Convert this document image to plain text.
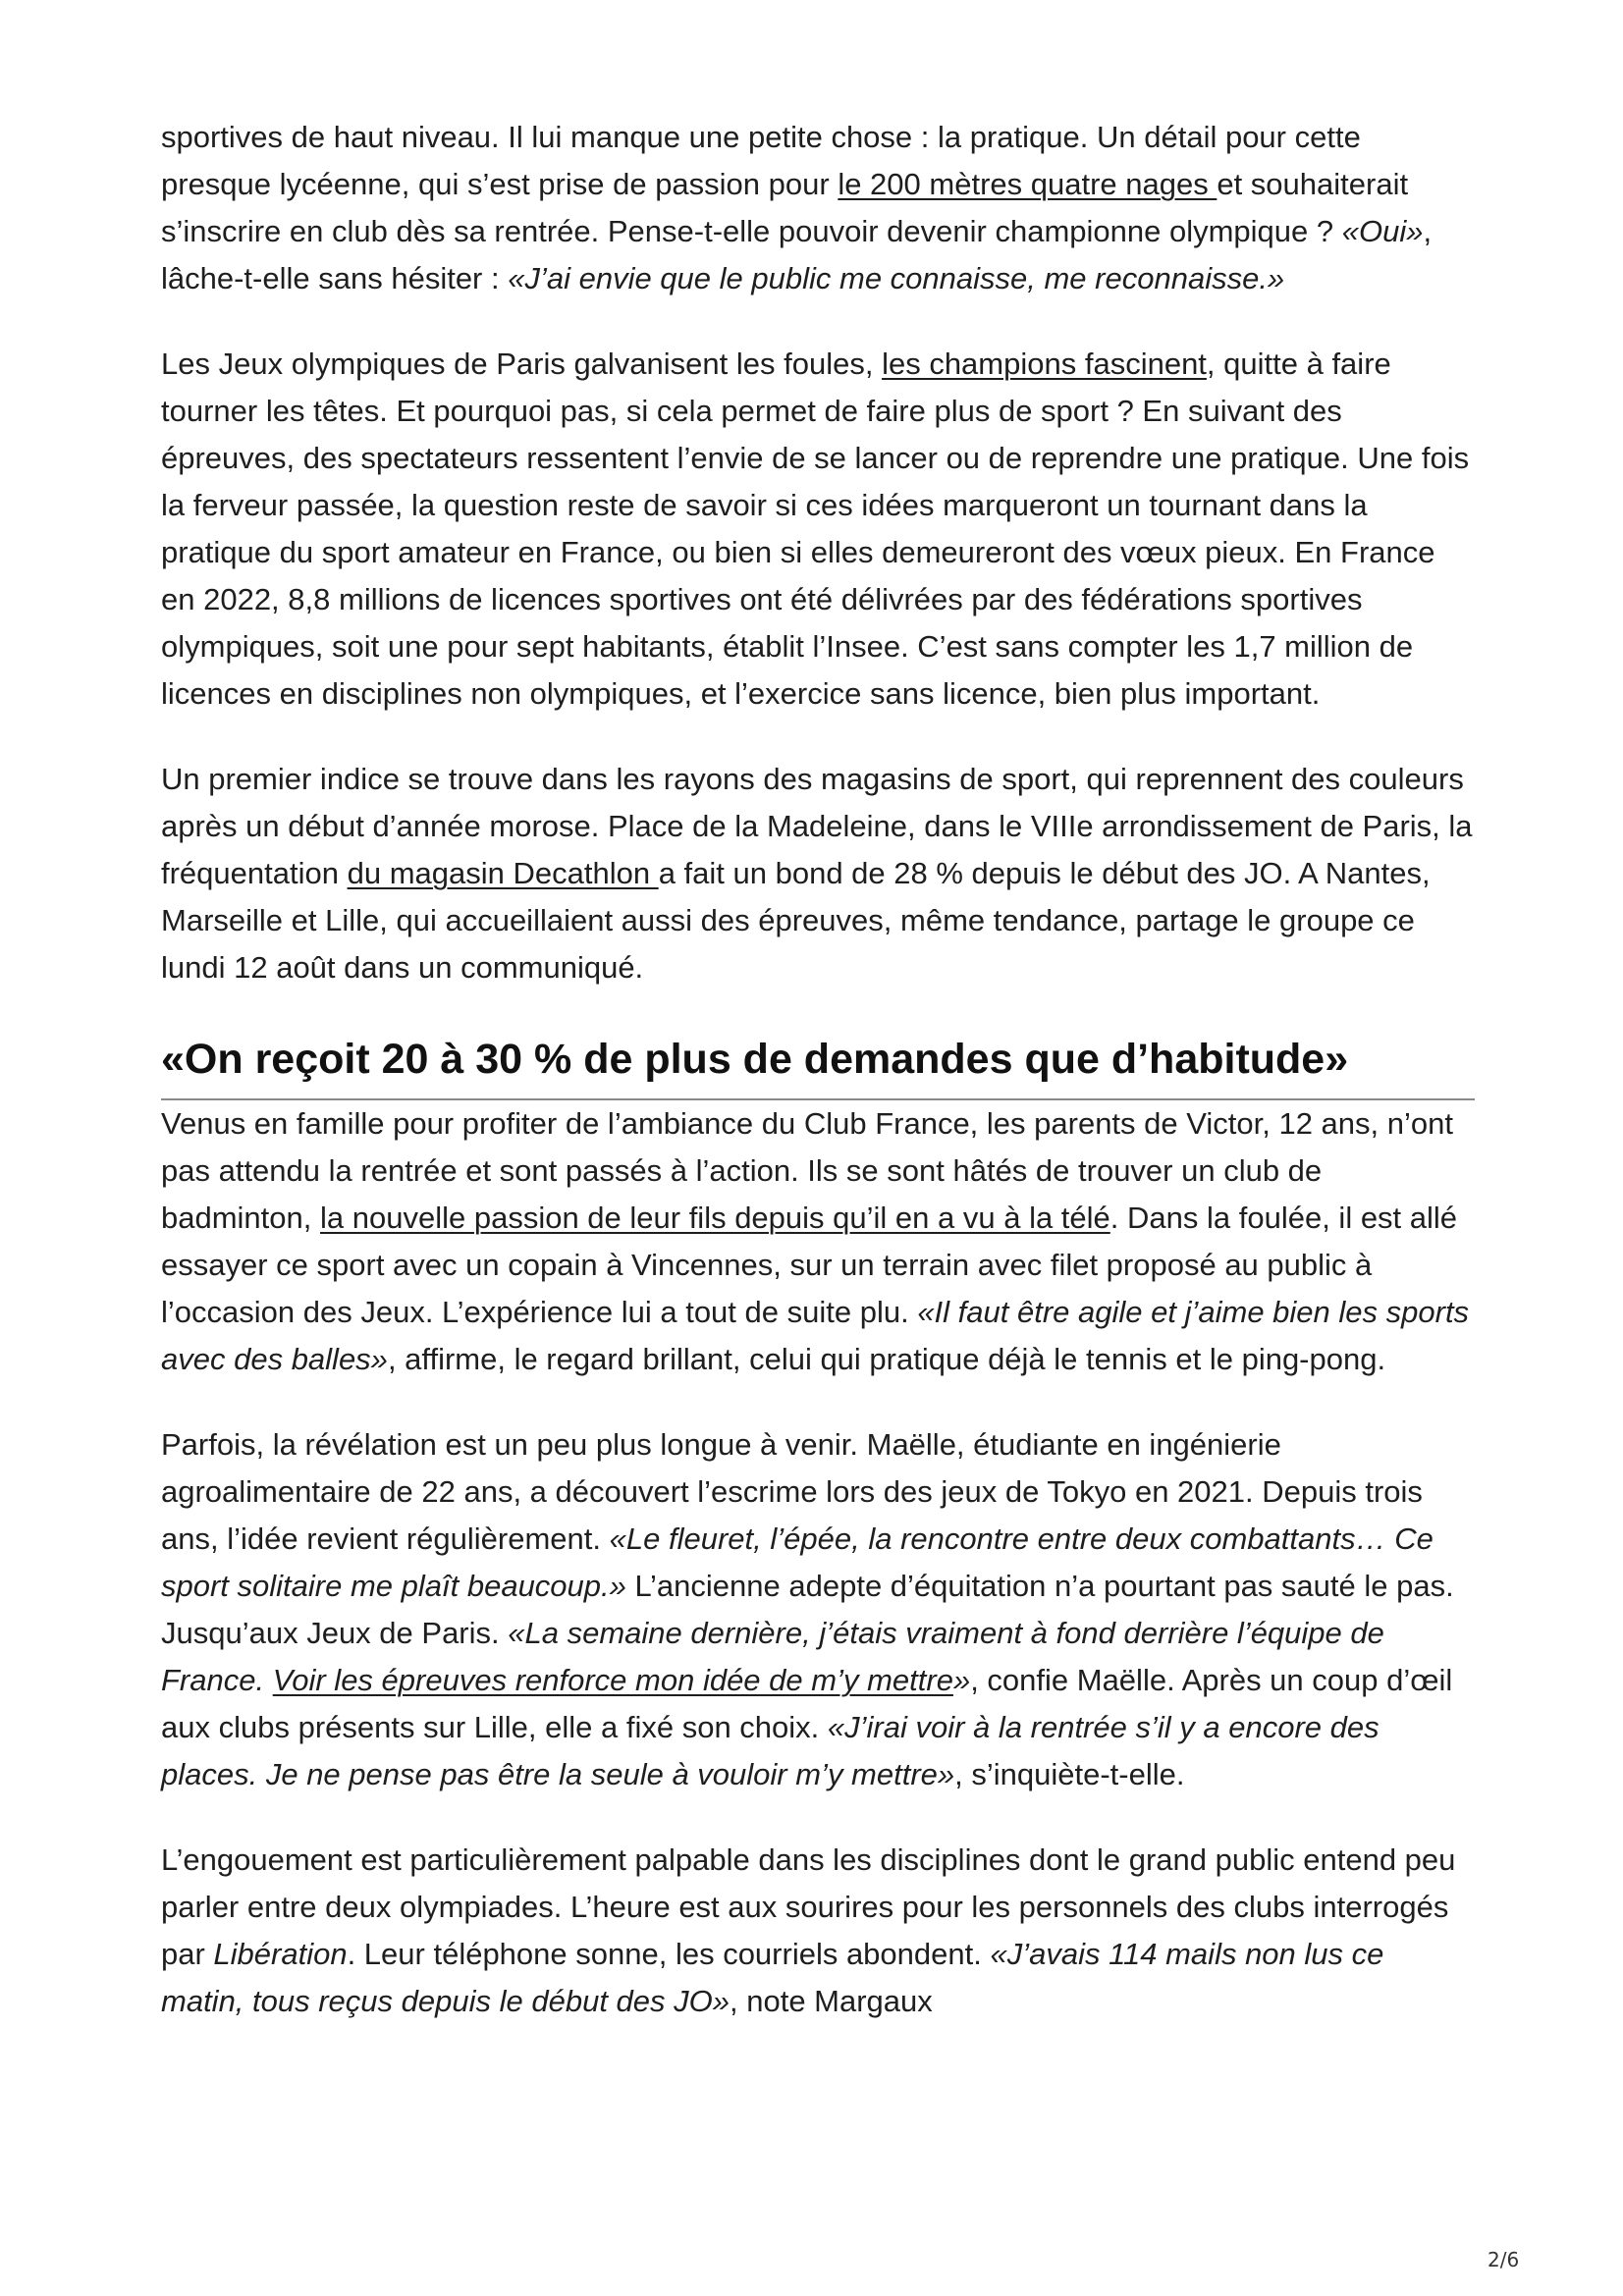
sportives de haut niveau. Il lui manque une petite chose : la pratique. Un détail pour cette presque lycéenne, qui s’est prise de passion pour le 200 mètres quatre nages et souhaiterait s’inscrire en club dès sa rentrée. Pense-t-elle pouvoir devenir championne olympique ? «Oui», lâche-t-elle sans hésiter : «J’ai envie que le public me connaisse, me reconnaisse.»

Les Jeux olympiques de Paris galvanisent les foules, les champions fascinent, quitte à faire tourner les têtes. Et pourquoi pas, si cela permet de faire plus de sport ? En suivant des épreuves, des spectateurs ressentent l’envie de se lancer ou de reprendre une pratique. Une fois la ferveur passée, la question reste de savoir si ces idées marqueront un tournant dans la pratique du sport amateur en France, ou bien si elles demeureront des vœux pieux. En France en 2022, 8,8 millions de licences sportives ont été délivrées par des fédérations sportives olympiques, soit une pour sept habitants, établit l’Insee. C’est sans compter les 1,7 million de licences en disciplines non olympiques, et l’exercice sans licence, bien plus important.

Un premier indice se trouve dans les rayons des magasins de sport, qui reprennent des couleurs après un début d’année morose. Place de la Madeleine, dans le VIIIe arrondissement de Paris, la fréquentation du magasin Decathlon a fait un bond de 28 % depuis le début des JO. A Nantes, Marseille et Lille, qui accueillaient aussi des épreuves, même tendance, partage le groupe ce lundi 12 août dans un communiqué.

«On reçoit 20 à 30 % de plus de demandes que d’habitude»

Venus en famille pour profiter de l’ambiance du Club France, les parents de Victor, 12 ans, n’ont pas attendu la rentrée et sont passés à l’action. Ils se sont hâtés de trouver un club de badminton, la nouvelle passion de leur fils depuis qu’il en a vu à la télé. Dans la foulée, il est allé essayer ce sport avec un copain à Vincennes, sur un terrain avec filet proposé au public à l’occasion des Jeux. L’expérience lui a tout de suite plu. «Il faut être agile et j’aime bien les sports avec des balles», affirme, le regard brillant, celui qui pratique déjà le tennis et le ping-pong.

Parfois, la révélation est un peu plus longue à venir. Maëlle, étudiante en ingénierie agroalimentaire de 22 ans, a découvert l’escrime lors des jeux de Tokyo en 2021. Depuis trois ans, l’idée revient régulièrement. «Le fleuret, l’épée, la rencontre entre deux combattants… Ce sport solitaire me plaît beaucoup.» L’ancienne adepte d’équitation n’a pourtant pas sauté le pas. Jusqu’aux Jeux de Paris. «La semaine dernière, j’étais vraiment à fond derrière l’équipe de France. Voir les épreuves renforce mon idée de m’y mettre», confie Maëlle. Après un coup d’œil aux clubs présents sur Lille, elle a fixé son choix. «J’irai voir à la rentrée s’il y a encore des places. Je ne pense pas être la seule à vouloir m’y mettre», s’inquiète-t-elle.

L’engouement est particulièrement palpable dans les disciplines dont le grand public entend peu parler entre deux olympiades. L’heure est aux sourires pour les personnels des clubs interrogés par Libération. Leur téléphone sonne, les courriels abondent. «J’avais 114 mails non lus ce matin, tous reçus depuis le début des JO», note Margaux

2/6
